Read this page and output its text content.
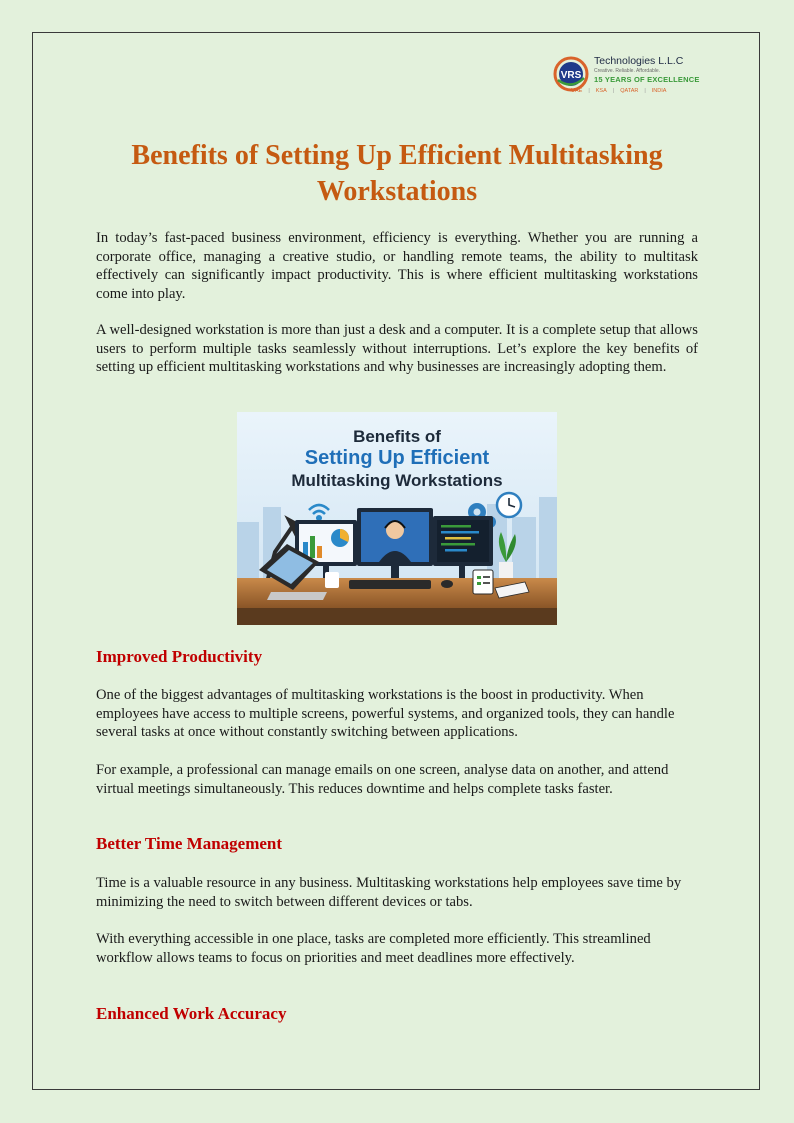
VRS
Technologies L.L.C
Creative. Reliable. Affordable.
15 YEARS OF EXCELLENCE
UAE	|	KSA	|	QATAR	|	INDIA
Benefits of Setting Up Efficient Multitasking
Workstations

In today’s fast-paced business environment, efficiency is everything. Whether you are running a corporate office, managing a creative studio, or handling remote teams, the ability to multitask effectively can significantly impact productivity. This is where efficient multitasking workstations come into play.

A well-designed workstation is more than just a desk and a computer. It is a complete setup that allows users to perform multiple tasks seamlessly without interruptions. Let’s explore the key benefits of setting up efficient multitasking workstations and why businesses are increasingly adopting them.

Benefits of
Setting Up Efficient
Multitasking Workstations
Improved Productivity

One of the biggest advantages of multitasking workstations is the boost in productivity. When employees have access to multiple screens, powerful systems, and organized tools, they can handle several tasks at once without constantly switching between applications.

For example, a professional can manage emails on one screen, analyse data on another, and attend virtual meetings simultaneously. This reduces downtime and helps complete tasks faster.

Better Time Management

Time is a valuable resource in any business. Multitasking workstations help employees save time by minimizing the need to switch between different devices or tabs.

With everything accessible in one place, tasks are completed more efficiently. This streamlined workflow allows teams to focus on priorities and meet deadlines more effectively.

Enhanced Work Accuracy
